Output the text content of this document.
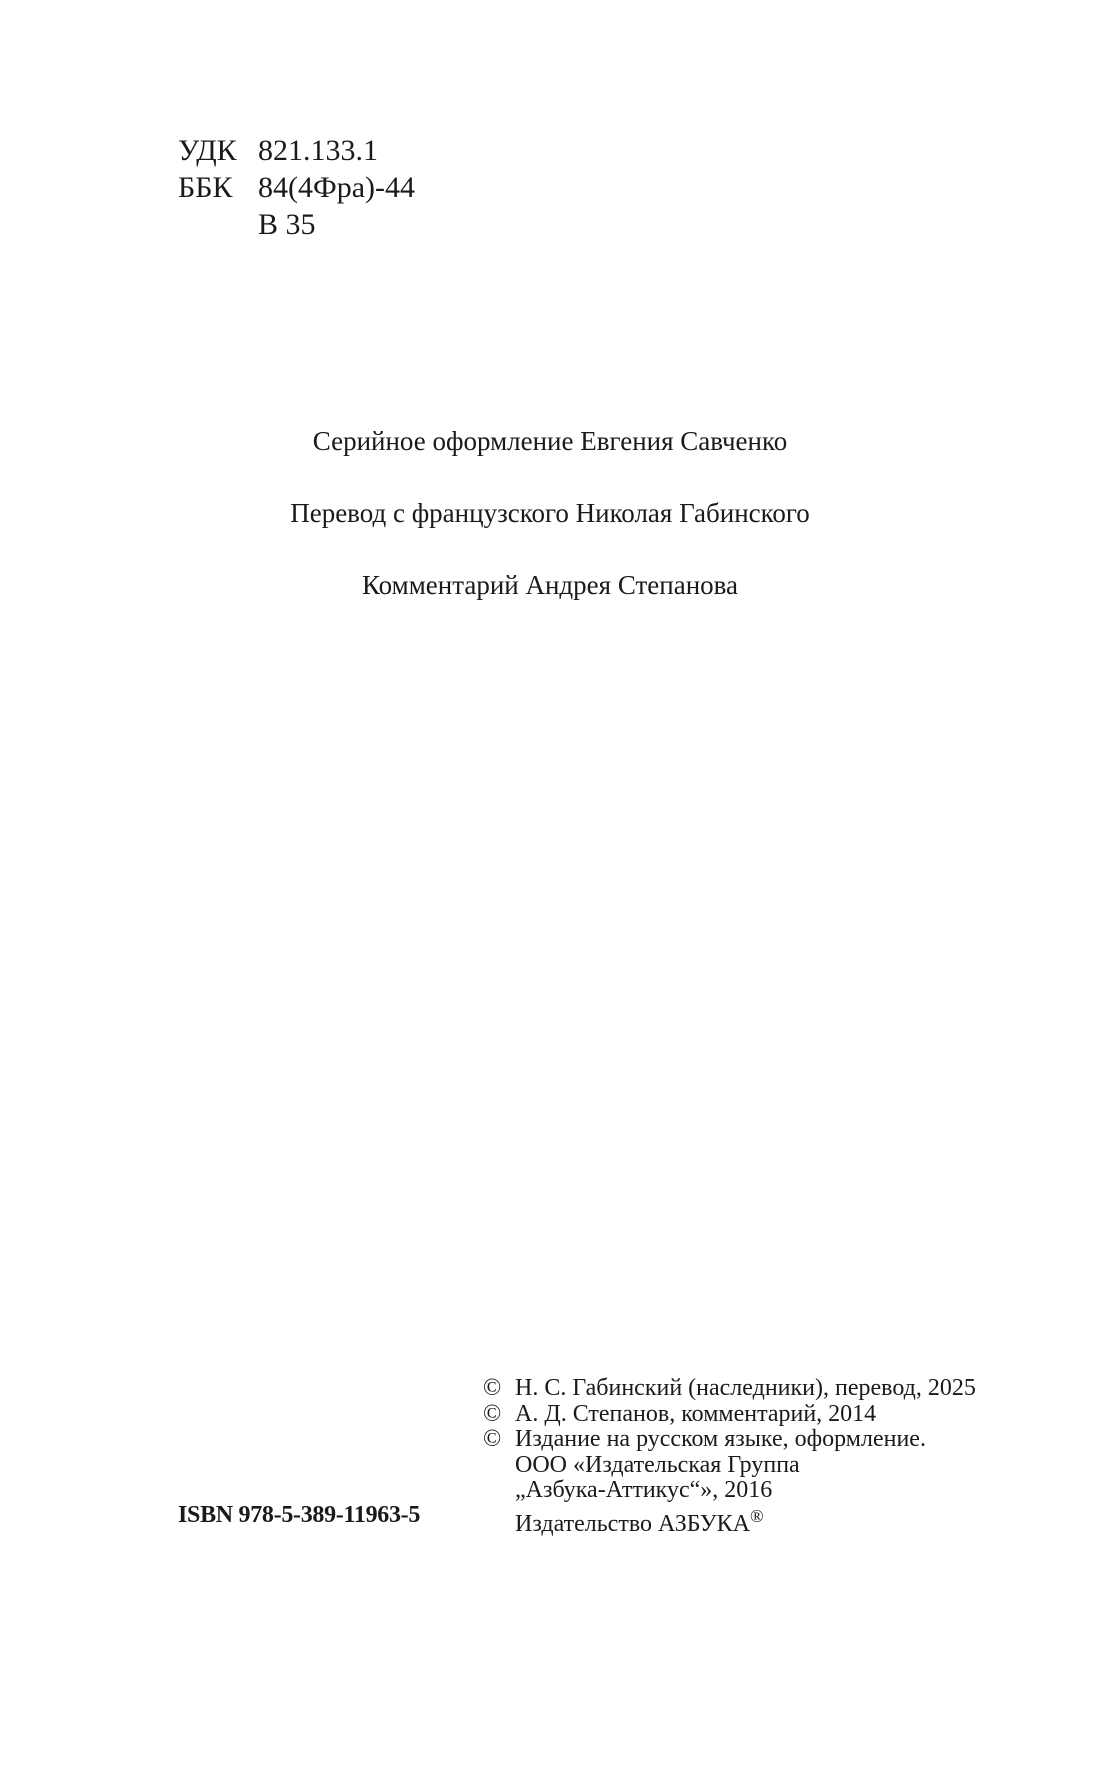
УДК 821.133.1
ББК 84(4Фра)-44
В 35
Серийное оформление Евгения Савченко
Перевод с французского Николая Габинского
Комментарий Андрея Степанова
ISBN 978-5-389-11963-5
© Н. С. Габинский (наследники), перевод, 2025
© А. Д. Степанов, комментарий, 2014
© Издание на русском языке, оформление.
ООО «Издательская Группа
„Азбука-Аттикус“», 2016
Издательство АЗБУКА®
